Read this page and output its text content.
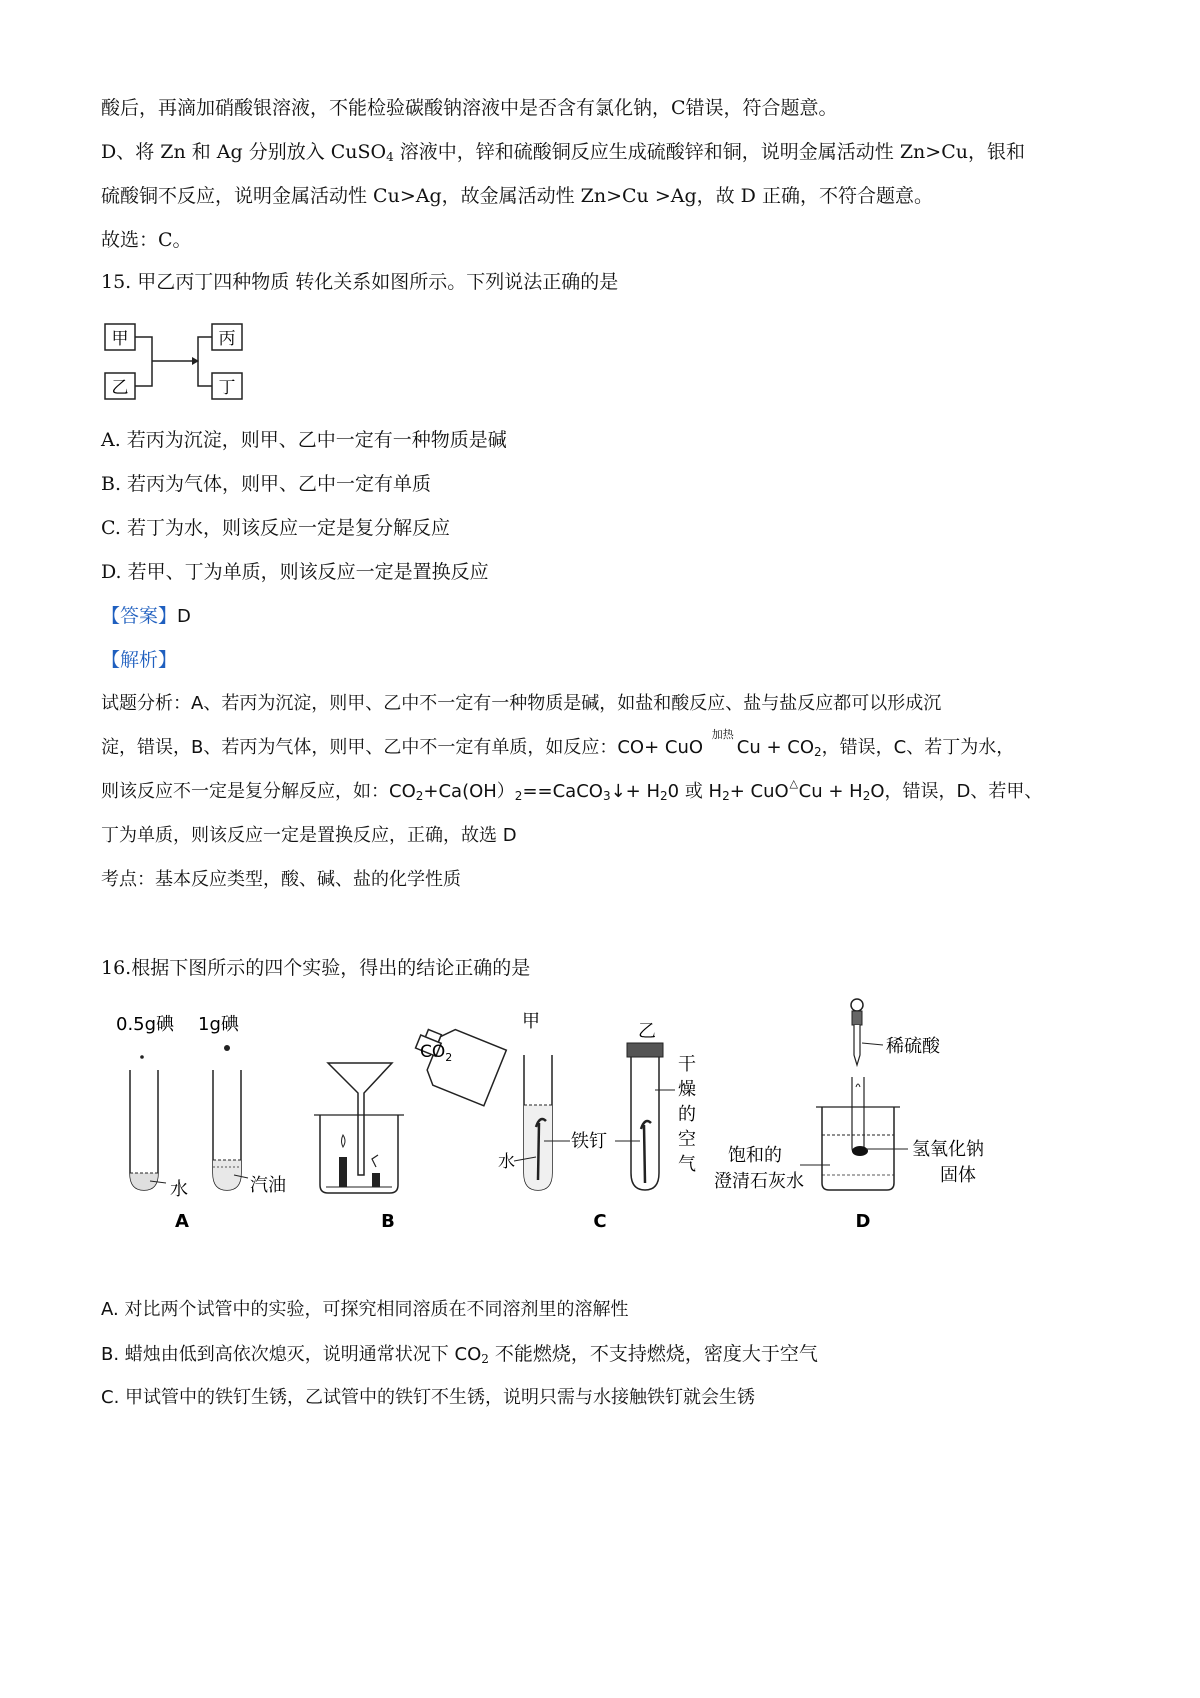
酸后，再滴加硝酸银溶液，不能检验碳酸钠溶液中是否含有氯化钠，C错误，符合题意。
D、将 Zn 和 Ag 分别放入 CuSO$_4$ 溶液中，锌和硫酸铜反应生成硫酸锌和铜，说明金属活动性 Zn>Cu，银和
硫酸铜不反应，说明金属活动性 Cu>Ag，故金属活动性 Zn>Cu >Ag，故 D 正确，不符合题意。
故选：C。
15. 甲乙丙丁四种物质 转化关系如图所示。下列说法正确的是
甲
乙
丙
丁
A. 若丙为沉淀，则甲、乙中一定有一种物质是碱
B. 若丙为气体，则甲、乙中一定有单质
C. 若丁为水，则该反应一定是复分解反应
D. 若甲、丁为单质，则该反应一定是置换反应
【答案】D
【解析】
试题分析：A、若丙为沉淀，则甲、乙中不一定有一种物质是碱，如盐和酸反应、盐与盐反应都可以形成沉
淀，错误，B、若丙为气体，则甲、乙中不一定有单质，如反应：CO+ CuO
加热
$Cu + CO_2$，错误，C、若丁为水，
则该反应不一定是复分解反应，如：$CO_2+Ca(OH)2==CaCO_3↓+ H_20$ 或 $H_2+$ CuO △ $Cu + H_2O$，错误，D、若甲、
丁为单质，则该反应一定是置换反应，正确，故选 D
考点：基本反应类型，酸、碱、盐的化学性质
16.根据下图所示的四个实验，得出的结论正确的是
0.5g碘 1g碘
水	汽油
A
$CO_2$
B
甲	乙
水
铁钉
干
燥
的
空
气
C
稀硫酸
饱和的
澄清石灰水
氢氧化钠
固体
D
A. 对比两个试管中的实验，可探究相同溶质在不同溶剂里的溶解性
B. 蜡烛由低到高依次熄灭，说明通常状况下 $CO_2$ 不能燃烧，不支持燃烧，密度大于空气
C. 甲试管中的铁钉生锈，乙试管中的铁钉不生锈，说明只需与水接触铁钉就会生锈
